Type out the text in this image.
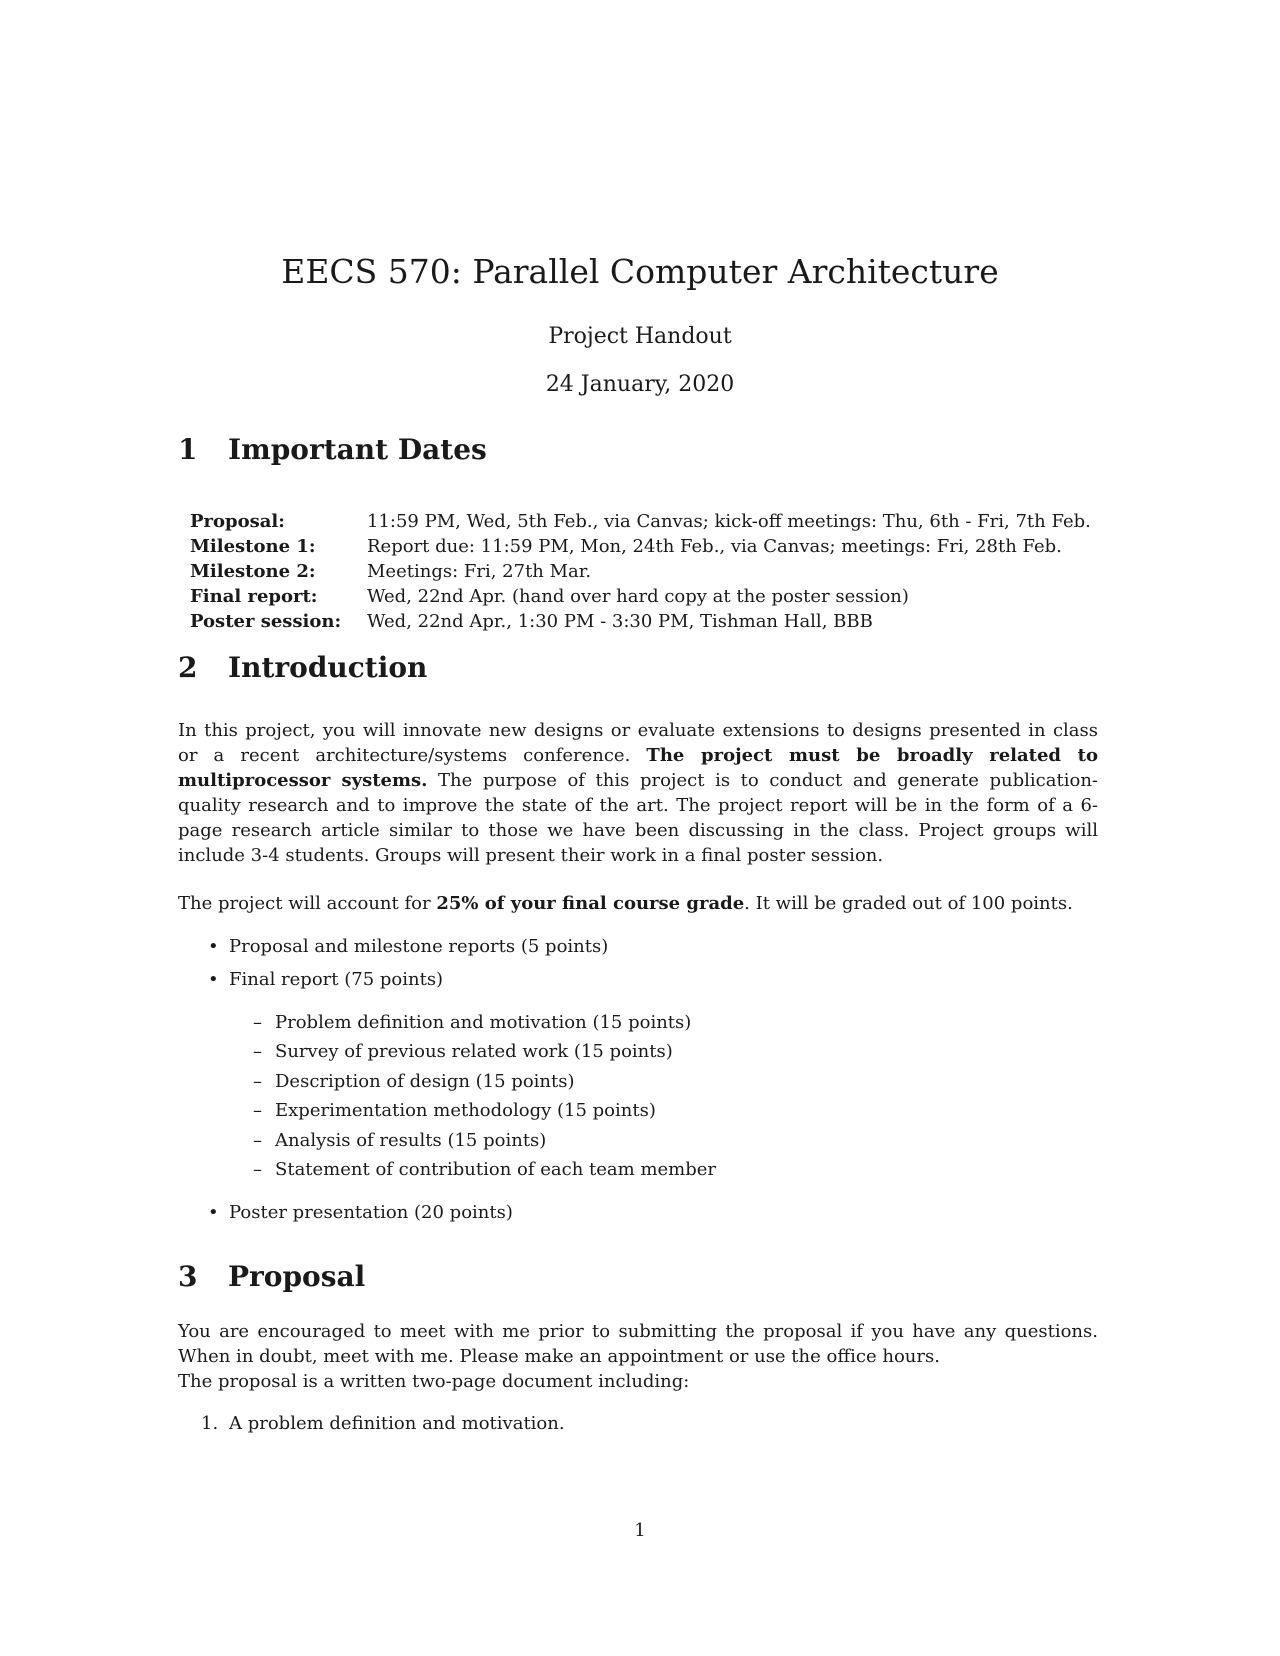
EECS 570: Parallel Computer Architecture
Project Handout
24 January, 2020
1 Important Dates
Proposal:	11:59 PM, Wed, 5th Feb., via Canvas; kick-off meetings: Thu, 6th - Fri, 7th Feb.
Milestone 1:	Report due: 11:59 PM, Mon, 24th Feb., via Canvas; meetings: Fri, 28th Feb.
Milestone 2:	Meetings: Fri, 27th Mar.
Final report:	Wed, 22nd Apr. (hand over hard copy at the poster session)
Poster session:	Wed, 22nd Apr., 1:30 PM - 3:30 PM, Tishman Hall, BBB
2 Introduction
In this project, you will innovate new designs or evaluate extensions to designs presented in class or a recent architecture/systems conference. The project must be broadly related to multiprocessor systems. The purpose of this project is to conduct and generate publication-quality research and to improve the state of the art. The project report will be in the form of a 6-page research article similar to those we have been discussing in the class. Project groups will include 3-4 students. Groups will present their work in a final poster session.
The project will account for 25% of your final course grade. It will be graded out of 100 points.
• Proposal and milestone reports (5 points)
• Final report (75 points)
– Problem definition and motivation (15 points)
– Survey of previous related work (15 points)
– Description of design (15 points)
– Experimentation methodology (15 points)
– Analysis of results (15 points)
– Statement of contribution of each team member
• Poster presentation (20 points)
3 Proposal
You are encouraged to meet with me prior to submitting the proposal if you have any questions. When in doubt, meet with me. Please make an appointment or use the office hours.
The proposal is a written two-page document including:
1. A problem definition and motivation.
1
